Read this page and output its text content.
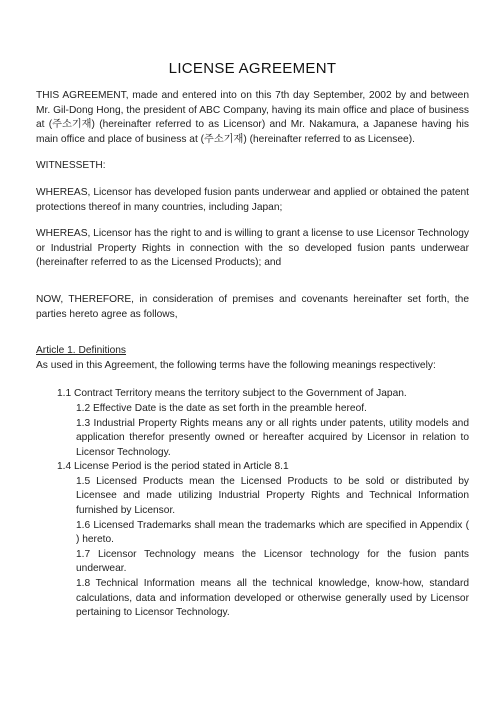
LICENSE AGREEMENT

THIS AGREEMENT, made and entered into on this 7th day September, 2002 by and between Mr. Gil-Dong Hong, the president of ABC Company, having its main office and place of business at (주소기재) (hereinafter referred to as Licensor) and Mr. Nakamura, a Japanese having his main office and place of business at (주소기재) (hereinafter referred to as Licensee).

WITNESSETH:

WHEREAS, Licensor has developed fusion pants underwear and applied or obtained the patent protections thereof in many countries, including Japan;

WHEREAS, Licensor has the right to and is willing to grant a license to use Licensor Technology or Industrial Property Rights in connection with the so developed fusion pants underwear (hereinafter referred to as the Licensed Products); and

NOW, THEREFORE, in consideration of premises and covenants hereinafter set forth, the parties hereto agree as follows,

Article 1. Definitions

As used in this Agreement, the following terms have the following meanings respectively:

1.1 Contract Territory means the territory subject to the Government of Japan.

1.2 Effective Date is the date as set forth in the preamble hereof.

1.3 Industrial Property Rights means any or all rights under patents, utility models and application therefor presently owned or hereafter acquired by Licensor in relation to Licensor Technology.

1.4 License Period is the period stated in Article 8.1

1.5 Licensed Products mean the Licensed Products to be sold or distributed by Licensee and made utilizing Industrial Property Rights and Technical Information furnished by Licensor.

1.6 Licensed Trademarks shall mean the trademarks which are specified in Appendix ( ) hereto.

1.7 Licensor Technology means the Licensor technology for the fusion pants underwear.

1.8 Technical Information means all the technical knowledge, know-how, standard calculations, data and information developed or otherwise generally used by Licensor pertaining to Licensor Technology.
